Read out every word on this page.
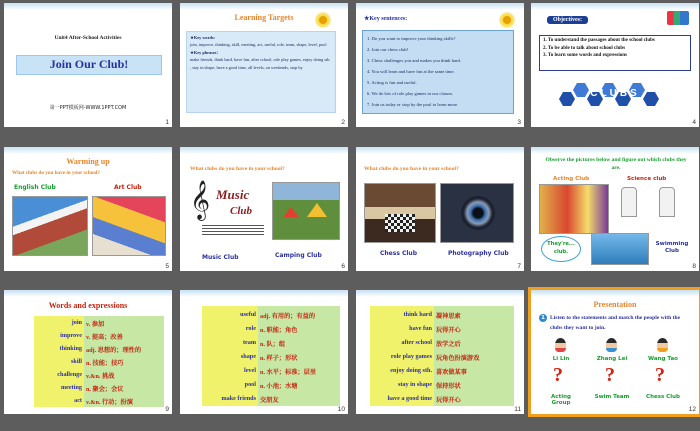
Unit4 After-School Activities
Join Our Club!
第一PPT模板网-WWW.1PPT.COM
1
Learning Targets
★Key words:
join, improve, thinking, skill, meeting, act, useful, role, team, shape, level, pool
★Key phrases：
make friends, think hard, have fun, after school, role play games, enjoy doing sth. , stay in shape, have a good time, all levels, on weekends, stop by
2
★Key sentences:
1. Do you want to improve your thinking skills?
2. Join our chess club!
3. Chess challenges you and makes you think hard.
4. You will learn and have fun at the same time.
5. Acting is fun and useful.
6. We do lots of role play games in our classes.
7. Join us today or stop by the pool to learn more.
3
Objectives:
1. To understand the passages about the school clubs
2. To be able to talk about school clubs
3. To learn some words and expressions
CLUBS
4
Warming up
What clubs do you have in your school?
English Club	Art Club
5
What clubs do you have in your school?
𝄞 Music
Club
Music Club	Camping Club
6
What clubs do you have in your school?
Chess Club	Photography Club
7
Observe the pictures below and figure out which clubs they are.
Acting Club	Science club
They're... club.
Swimming Club
8
Words and expressions
join v. 参加
improve v. 提高；改善
thinking adj. 思想的；理性的
skill n. 技能；技巧
challenge v.&n. 挑战
meeting n. 聚会；会议
act v.&n. 行动；扮演
9
useful adj. 有用的；有益的
role n. 职能；角色
team n. 队；组
shape n. 样子；形状
level n. 水平；标准；层里
pool n. 小池；水塘
make friends 交朋友
10
think hard 凝神思索
have fun 玩得开心
after school 放学之后
role play games 玩角色扮演游戏
enjoy doing sth. 喜欢做某事
stay in shape 保持形状
have a good time 玩得开心
11
Presentation
1 Listen to the statements and match the people with the clubs they want to join.
Li Lin	Zhang Lei	Wang Tao
? ? ?
Acting Group
Swim Team	Chess Club
12
